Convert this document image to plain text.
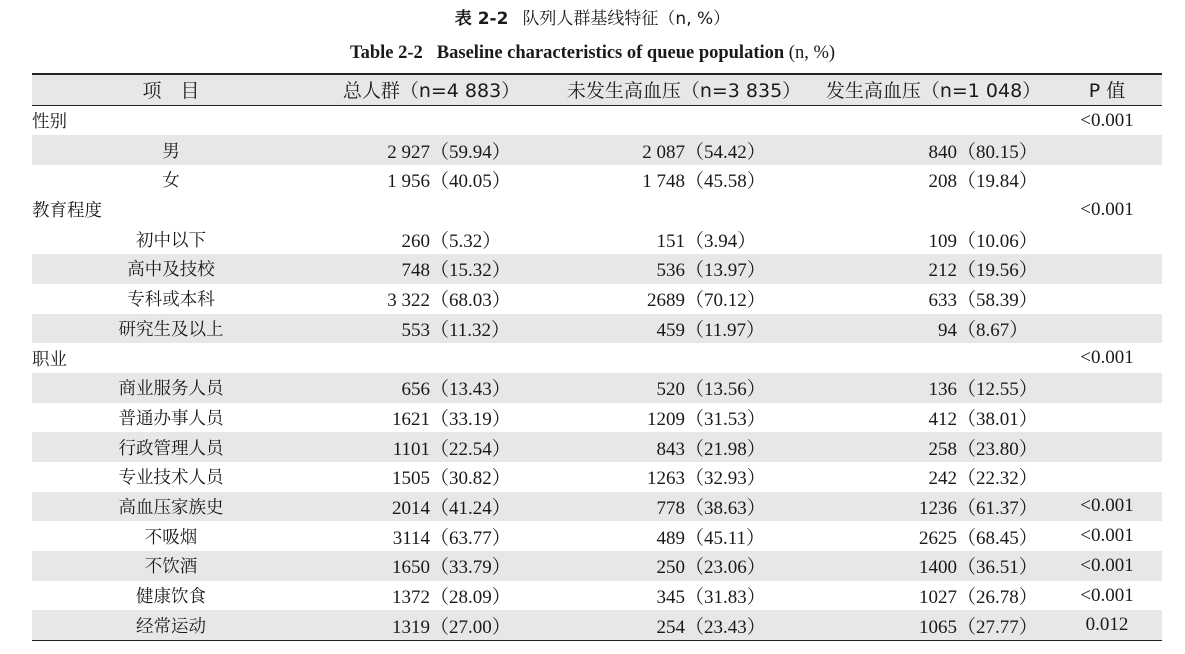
表 2-2 队列人群基线特征（n, %）
Table 2-2 Baseline characteristics of queue population (n, %)
项　目	总人群（n=4 883）	未发生高血压（n=3 835）	发生高血压（n=1 048）	P 值
性别				<0.001
男	2 927（59.94）	2 087（54.42）	840（80.15）	
女	1 956（40.05）	1 748（45.58）	208（19.84）	
教育程度				<0.001
初中以下	260（5.32）	151（3.94）	109（10.06）	
高中及技校	748（15.32）	536（13.97）	212（19.56）	
专科或本科	3 322（68.03）	2689（70.12）	633（58.39）	
研究生及以上	553（11.32）	459（11.97）	94（8.67）	
职业				<0.001
商业服务人员	656（13.43）	520（13.56）	136（12.55）	
普通办事人员	1621（33.19）	1209（31.53）	412（38.01）	
行政管理人员	1101（22.54）	843（21.98）	258（23.80）	
专业技术人员	1505（30.82）	1263（32.93）	242（22.32）	
高血压家族史	2014（41.24）	778（38.63）	1236（61.37）	<0.001
不吸烟	3114（63.77）	489（45.11）	2625（68.45）	<0.001
不饮酒	1650（33.79）	250（23.06）	1400（36.51）	<0.001
健康饮食	1372（28.09）	345（31.83）	1027（26.78）	<0.001
经常运动	1319（27.00）	254（23.43）	1065（27.77）	0.012
